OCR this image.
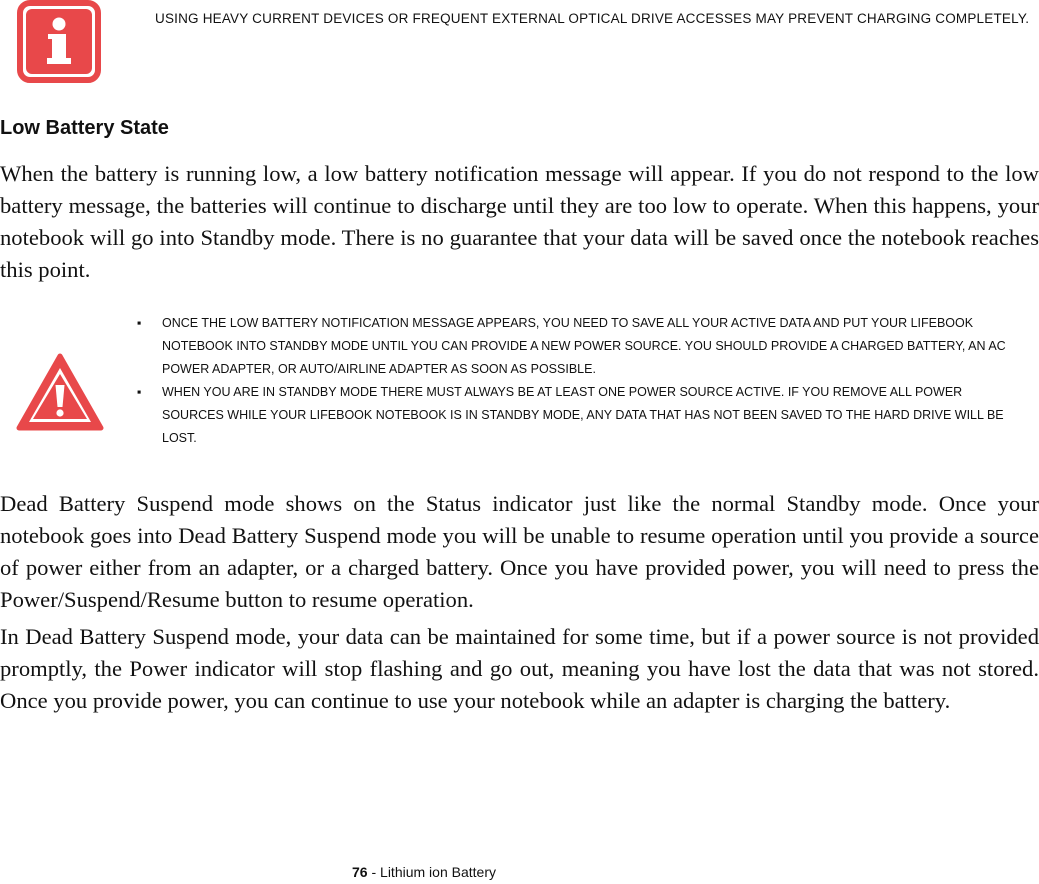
USING HEAVY CURRENT DEVICES OR FREQUENT EXTERNAL OPTICAL DRIVE ACCESSES MAY PREVENT CHARGING COMPLETELY.
Low Battery State

When the battery is running low, a low battery notification message will appear. If you do not respond to the low battery message, the batteries will continue to discharge until they are too low to operate. When this happens, your notebook will go into Standby mode. There is no guarantee that your data will be saved once the notebook reaches this point.

▪ ONCE THE LOW BATTERY NOTIFICATION MESSAGE APPEARS, YOU NEED TO SAVE ALL YOUR ACTIVE DATA AND PUT YOUR LIFEBOOK NOTEBOOK INTO STANDBY MODE UNTIL YOU CAN PROVIDE A NEW POWER SOURCE. YOU SHOULD PROVIDE A CHARGED BATTERY, AN AC POWER ADAPTER, OR AUTO/AIRLINE ADAPTER AS SOON AS POSSIBLE.
▪ WHEN YOU ARE IN STANDBY MODE THERE MUST ALWAYS BE AT LEAST ONE POWER SOURCE ACTIVE. IF YOU REMOVE ALL POWER SOURCES WHILE YOUR LIFEBOOK NOTEBOOK IS IN STANDBY MODE, ANY DATA THAT HAS NOT BEEN SAVED TO THE HARD DRIVE WILL BE LOST.

Dead Battery Suspend mode shows on the Status indicator just like the normal Standby mode. Once your notebook goes into Dead Battery Suspend mode you will be unable to resume operation until you provide a source of power either from an adapter, or a charged battery. Once you have provided power, you will need to press the Power/Suspend/Resume button to resume operation.

In Dead Battery Suspend mode, your data can be maintained for some time, but if a power source is not provided promptly, the Power indicator will stop flashing and go out, meaning you have lost the data that was not stored. Once you provide power, you can continue to use your notebook while an adapter is charging the battery.

76 - Lithium ion Battery
